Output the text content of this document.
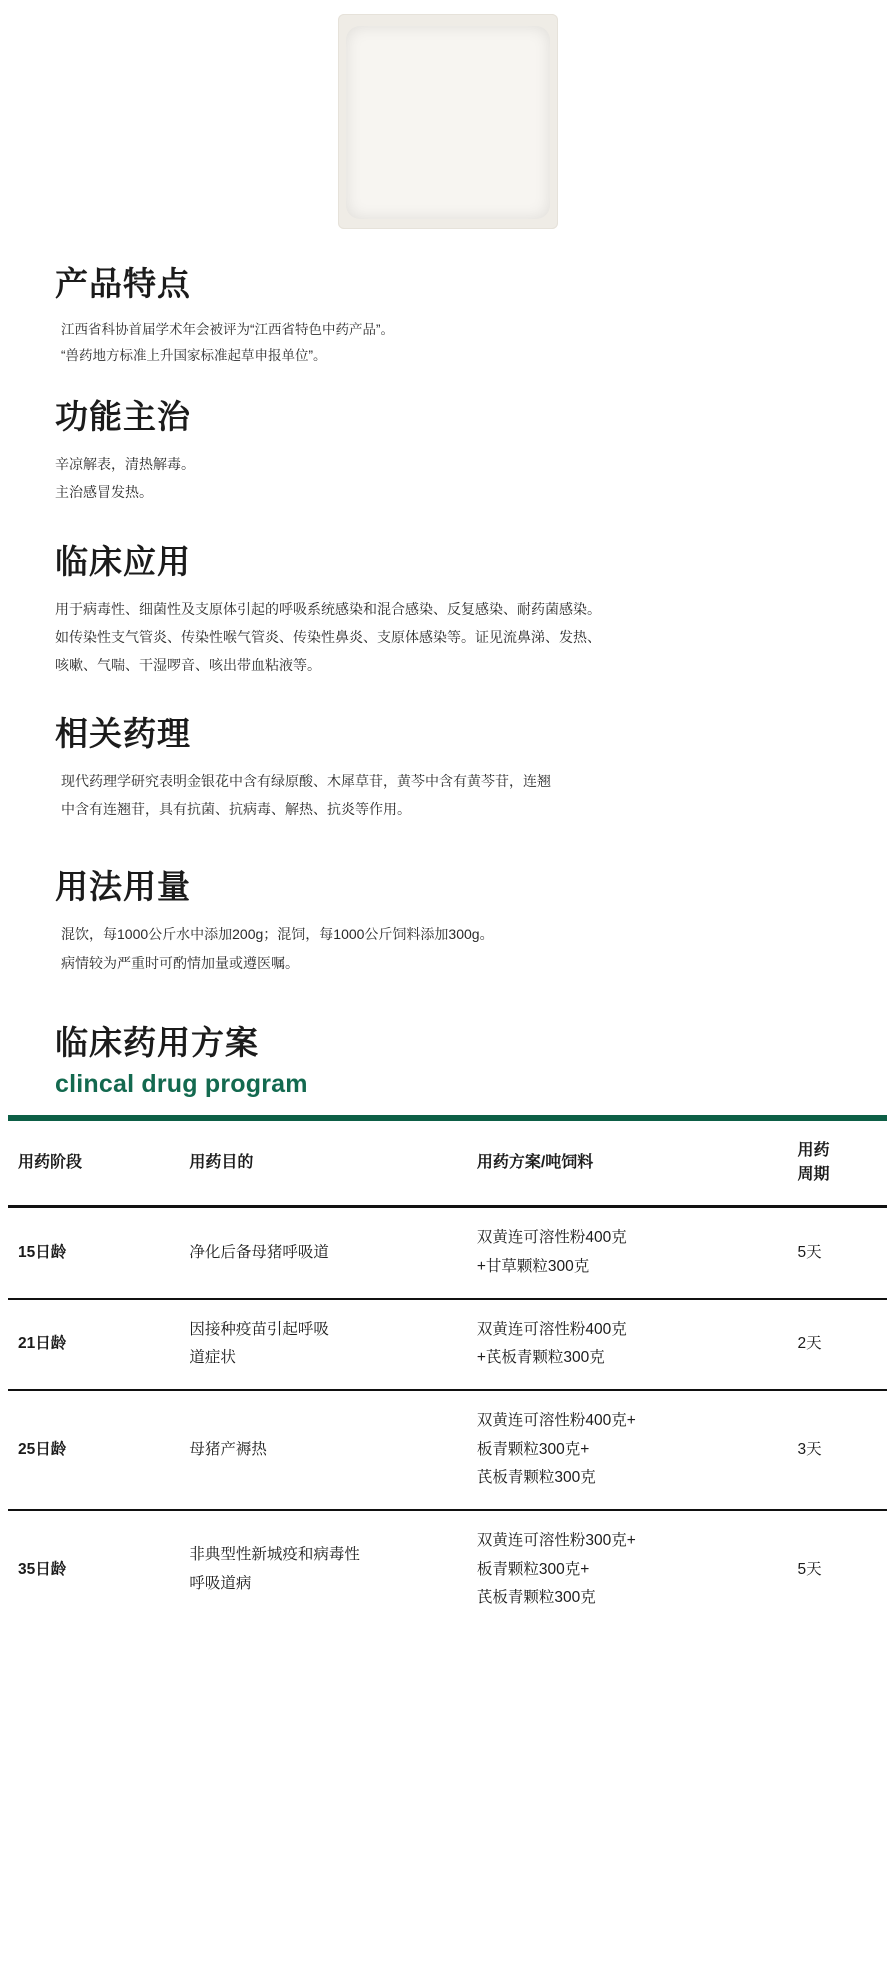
产品特点
江西省科协首届学术年会被评为“江西省特色中药产品”。
“兽药地方标准上升国家标准起草申报单位”。
功能主治
辛凉解表，清热解毒。
主治感冒发热。
临床应用
用于病毒性、细菌性及支原体引起的呼吸系统感染和混合感染、反复感染、耐药菌感染。
如传染性支气管炎、传染性喉气管炎、传染性鼻炎、支原体感染等。证见流鼻涕、发热、
咳嗽、气喘、干湿啰音、咳出带血粘液等。
相关药理
现代药理学研究表明金银花中含有绿原酸、木犀草苷，黄芩中含有黄芩苷，连翘
中含有连翘苷，具有抗菌、抗病毒、解热、抗炎等作用。
用法用量
混饮，每1000公斤水中添加200g；混饲，每1000公斤饲料添加300g。
病情较为严重时可酌情加量或遵医嘱。
临床药用方案
clincal drug program
用药阶段	用药目的	用药方案/吨饲料	用药
周期

15日龄	净化后备母猪呼吸道	双黄连可溶性粉400克
+甘草颗粒300克	5天
21日龄	因接种疫苗引起呼吸
道症状	双黄连可溶性粉400克
+芪板青颗粒300克	2天
25日龄	母猪产褥热	双黄连可溶性粉400克+
板青颗粒300克+
芪板青颗粒300克	3天
35日龄	非典型性新城疫和病毒性
呼吸道病	双黄连可溶性粉300克+
板青颗粒300克+
芪板青颗粒300克	5天
